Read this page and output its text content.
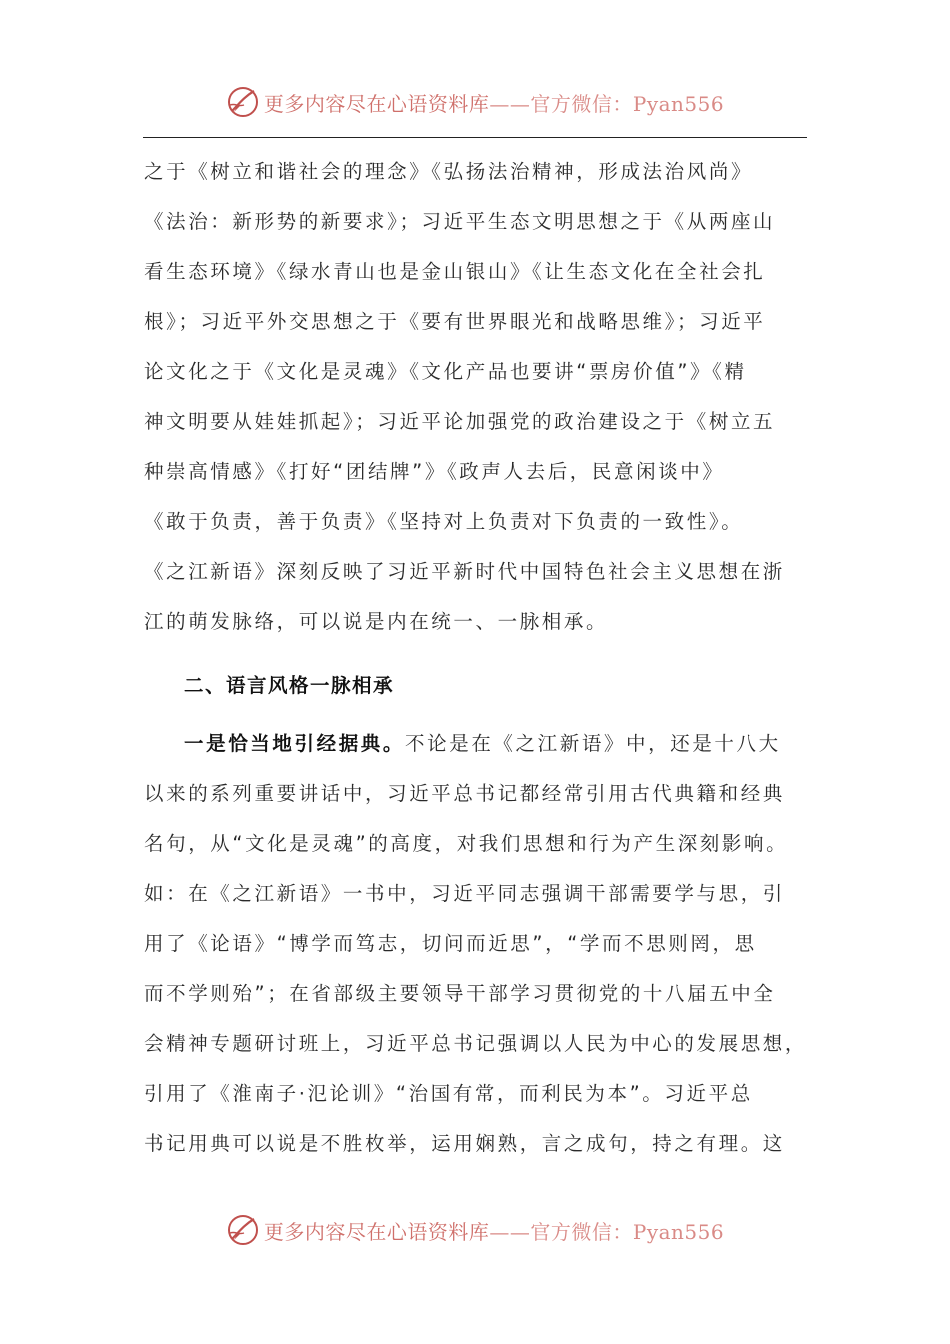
更多内容尽在心语资料库——官方微信：Pyan556
之于《树立和谐社会的理念》《弘扬法治精神，形成法治风尚》
《法治：新形势的新要求》；习近平生态文明思想之于《从两座山
看生态环境》《绿水青山也是金山银山》《让生态文化在全社会扎
根》；习近平外交思想之于《要有世界眼光和战略思维》；习近平
论文化之于《文化是灵魂》《文化产品也要讲“票房价值”》《精
神文明要从娃娃抓起》；习近平论加强党的政治建设之于《树立五
种崇高情感》《打好“团结牌”》《政声人去后，民意闲谈中》
《敢于负责，善于负责》《坚持对上负责对下负责的一致性》。
《之江新语》深刻反映了习近平新时代中国特色社会主义思想在浙
江的萌发脉络，可以说是内在统一、一脉相承。
二、语言风格一脉相承
一是恰当地引经据典。不论是在《之江新语》中，还是十八大
以来的系列重要讲话中，习近平总书记都经常引用古代典籍和经典
名句，从“文化是灵魂”的高度，对我们思想和行为产生深刻影响。
如：在《之江新语》一书中，习近平同志强调干部需要学与思，引
用了《论语》“博学而笃志，切问而近思”，“学而不思则罔，思
而不学则殆”；在省部级主要领导干部学习贯彻党的十八届五中全
会精神专题研讨班上，习近平总书记强调以人民为中心的发展思想，
引用了《淮南子·氾论训》“治国有常，而利民为本”。习近平总
书记用典可以说是不胜枚举，运用娴熟，言之成句，持之有理。这
更多内容尽在心语资料库——官方微信：Pyan556
